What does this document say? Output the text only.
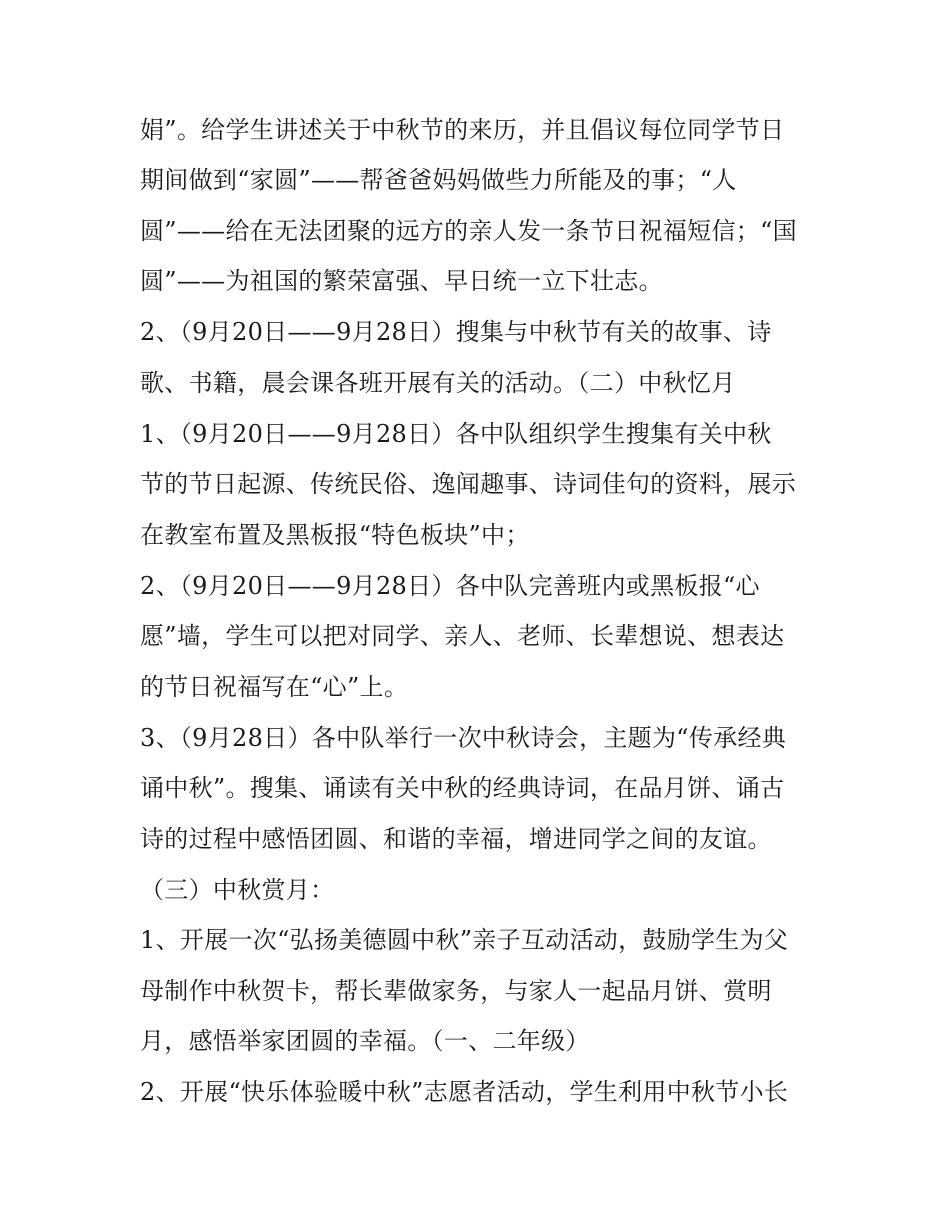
娟”。给学生讲述关于中秋节的来历，并且倡议每位同学节日
期间做到“家圆”——帮爸爸妈妈做些力所能及的事；“人
圆”——给在无法团聚的远方的亲人发一条节日祝福短信；“国
圆”——为祖国的繁荣富强、早日统一立下壮志。
2、（9月20日——9月28日）搜集与中秋节有关的故事、诗
歌、书籍，晨会课各班开展有关的活动。（二）中秋忆月
1、（9月20日——9月28日）各中队组织学生搜集有关中秋
节的节日起源、传统民俗、逸闻趣事、诗词佳句的资料，展示
在教室布置及黑板报“特色板块”中；
2、（9月20日——9月28日）各中队完善班内或黑板报“心
愿”墙，学生可以把对同学、亲人、老师、长辈想说、想表达
的节日祝福写在“心”上。
3、（9月28日）各中队举行一次中秋诗会，主题为“传承经典
诵中秋”。搜集、诵读有关中秋的经典诗词，在品月饼、诵古
诗的过程中感悟团圆、和谐的幸福，增进同学之间的友谊。
（三）中秋赏月：
1、开展一次“弘扬美德圆中秋”亲子互动活动，鼓励学生为父
母制作中秋贺卡，帮长辈做家务，与家人一起品月饼、赏明
月，感悟举家团圆的幸福。（一、二年级）
2、开展“快乐体验暖中秋”志愿者活动，学生利用中秋节小长
